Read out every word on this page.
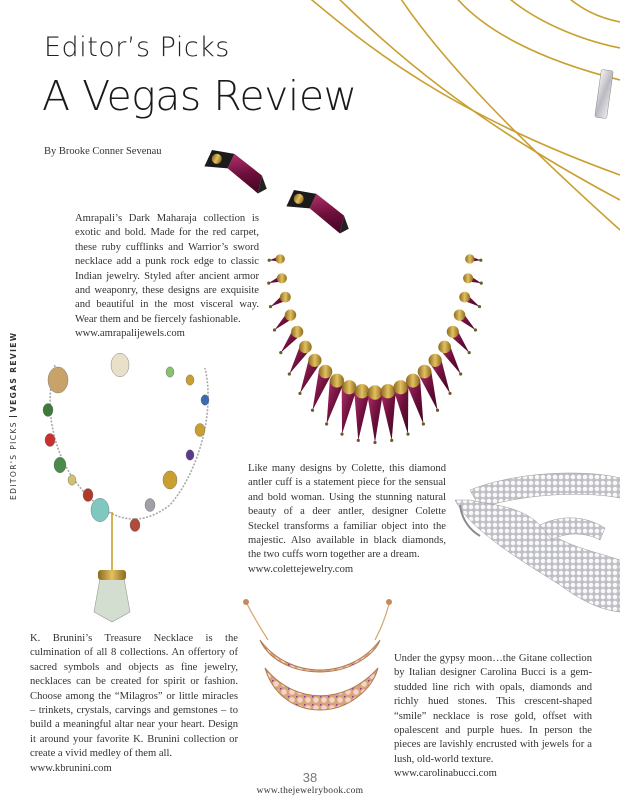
Editor’s Picks
A Vegas Review
By Brooke Conner Sevenau
EDITOR'S PICKSVEGAS REVIEW

Amrapali’s Dark Maharaja collection is exotic and bold. Made for the red carpet, these ruby cufflinks and Warrior’s sword necklace add a punk rock edge to classic Indian jewelry. Styled after ancient armor and weaponry, these designs are exquisite and beautiful in the most visceral way. Wear them and be fiercely fashionable.

www.amrapalijewels.com

Like many designs by Colette, this diamond antler cuff is a statement piece for the sensual and bold woman. Using the stunning natural beauty of a deer antler, designer Colette Steckel transforms a familiar object into the majestic. Also available in black diamonds, the two cuffs worn together are a dream.

www.colettejewelry.com

K. Brunini’s Treasure Necklace is the culmination of all 8 collections. An offertory of sacred symbols and objects as fine jewelry, necklaces can be created for spirit or fashion. Choose among the “Milagros” or little miracles – trinkets, crystals, carvings and gemstones – to build a meaningful altar near your heart. Design it around your favorite K. Brunini collection or create a vivid medley of them all.

www.kbrunini.com

Under the gypsy moon…the Gitane collection by Italian designer Carolina Bucci is a gem-studded line rich with opals, diamonds and richly hued stones. This crescent-shaped “smile” necklace is rose gold, offset with opalescent and purple hues. In person the pieces are lavishly encrusted with jewels for a lush, old-world texture.

www.carolinabucci.com

38
www.thejewelrybook.com
